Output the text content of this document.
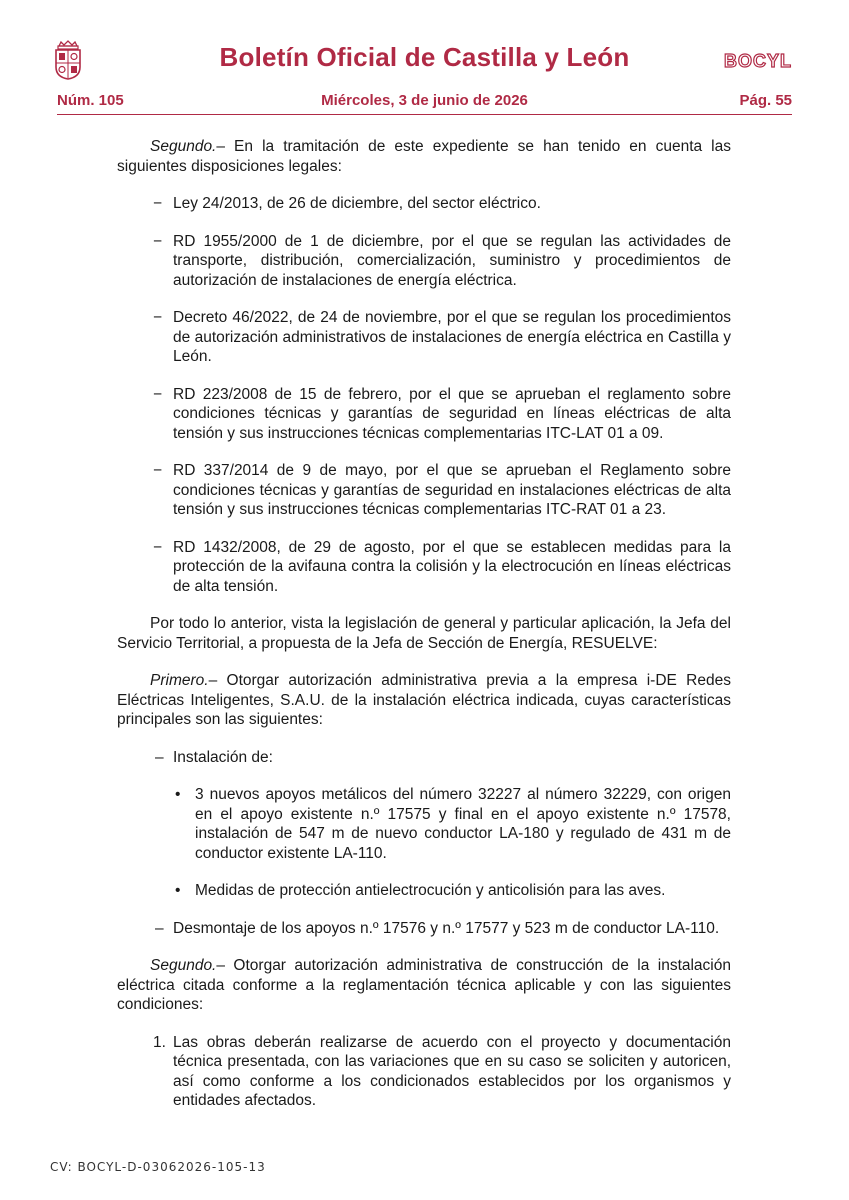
Boletín Oficial de Castilla y León	BOCYL
Miércoles, 3 de junio de 2026
Núm. 105	Pág. 55

Segundo.– En la tramitación de este expediente se han tenido en cuenta las siguientes disposiciones legales:

− Ley 24/2013, de 26 de diciembre, del sector eléctrico.
− RD 1955/2000 de 1 de diciembre, por el que se regulan las actividades de transporte, distribución, comercialización, suministro y procedimientos de autorización de instalaciones de energía eléctrica.
− Decreto 46/2022, de 24 de noviembre, por el que se regulan los procedimientos de autorización administrativos de instalaciones de energía eléctrica en Castilla y León.
− RD 223/2008 de 15 de febrero, por el que se aprueban el reglamento sobre condiciones técnicas y garantías de seguridad en líneas eléctricas de alta tensión y sus instrucciones técnicas complementarias ITC-LAT 01 a 09.
− RD 337/2014 de 9 de mayo, por el que se aprueban el Reglamento sobre condiciones técnicas y garantías de seguridad en instalaciones eléctricas de alta tensión y sus instrucciones técnicas complementarias ITC-RAT 01 a 23.
− RD 1432/2008, de 29 de agosto, por el que se establecen medidas para la protección de la avifauna contra la colisión y la electrocución en líneas eléctricas de alta tensión.

Por todo lo anterior, vista la legislación de general y particular aplicación, la Jefa del Servicio Territorial, a propuesta de la Jefa de Sección de Energía, RESUELVE:

Primero.– Otorgar autorización administrativa previa a la empresa i-DE Redes Eléctricas Inteligentes, S.A.U. de la instalación eléctrica indicada, cuyas características principales son las siguientes:

– Instalación de:
• 3 nuevos apoyos metálicos del número 32227 al número 32229, con origen en el apoyo existente n.º 17575 y final en el apoyo existente n.º 17578, instalación de 547 m de nuevo conductor LA-180 y regulado de 431 m de conductor existente LA-110.
• Medidas de protección antielectrocución y anticolisión para las aves.
– Desmontaje de los apoyos n.º 17576 y n.º 17577 y 523 m de conductor LA-110.

Segundo.– Otorgar autorización administrativa de construcción de la instalación eléctrica citada conforme a la reglamentación técnica aplicable y con las siguientes condiciones:

1. Las obras deberán realizarse de acuerdo con el proyecto y documentación técnica presentada, con las variaciones que en su caso se soliciten y autoricen, así como conforme a los condicionados establecidos por los organismos y entidades afectados.
CV: BOCYL-D-03062026-105-13
